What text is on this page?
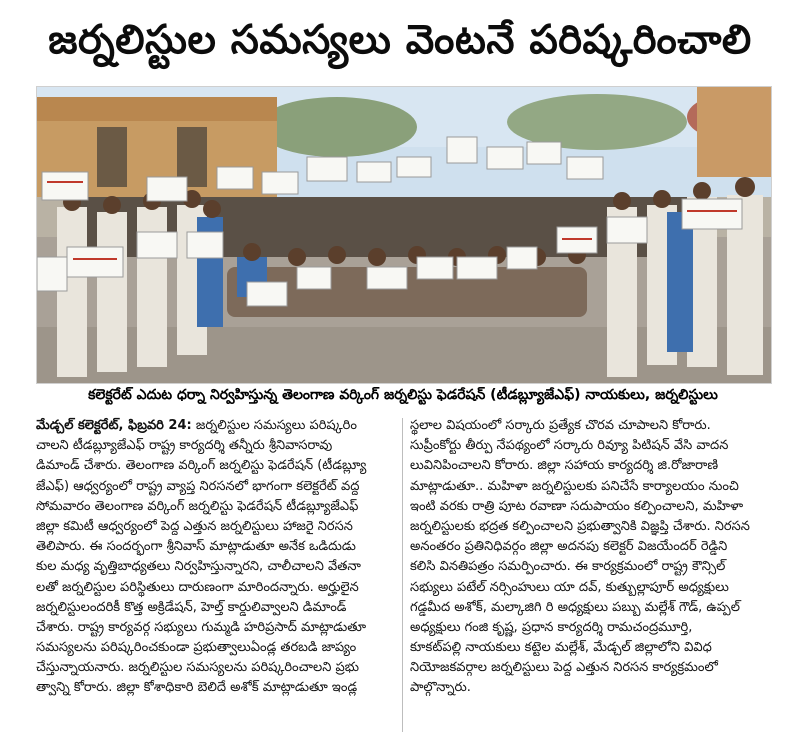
జర్నలిస్టుల సమస్యలు వెంటనే పరిష్కరించాలి
కలెక్టరేట్ ఎదుట ధర్నా నిర్వహిస్తున్న తెలంగాణ వర్కింగ్ జర్నలిస్టు ఫెడరేషన్ (టీడబ్ల్యూజేఎఫ్) నాయకులు, జర్నలిస్టులు
మేడ్చల్ కలెక్టరేట్, ఫిబ్రవరి 24: జర్నలిస్టుల సమస్యలు పరిష్కరిం
చాలని టీడబ్ల్యూజేఎఫ్ రాష్ట్ర కార్యదర్శి తన్నీరు శ్రీనివాసరావు
డిమాండ్ చేశారు. తెలంగాణ వర్కింగ్ జర్నలిస్టు ఫెడరేషన్ (టీడబ్ల్యూ
జేఎఫ్) ఆధ్వర్యంలో రాష్ట్ర వ్యాప్త నిరసనలో భాగంగా కలెక్టరేట్ వద్ద
సోమవారం తెలంగాణ వర్కింగ్ జర్నలిస్టు ఫెడరేషన్ టీడబ్ల్యూజేఎఫ్
జిల్లా కమిటీ ఆధ్వర్యంలో పెద్ద ఎత్తున జర్నలిస్టులు హాజరై నిరసన
తెలిపారు. ఈ సందర్భంగా శ్రీనివాస్ మాట్లాడుతూ అనేక ఒడిదుడు
కుల మధ్య వృత్తిబాధ్యతలు నిర్వహిస్తున్నారని, చాలీచాలని వేతనా
లతో జర్నలిస్టుల పరిస్థితులు దారుణంగా మారిందన్నారు. అర్హులైన
జర్నలిస్టులందరికీ కొత్త అక్రిడేషన్, హెల్త్ కార్డులివ్వాలని డిమాండ్
చేశారు. రాష్ట్ర కార్యవర్గ సభ్యులు గుమ్మడి హరిప్రసాద్ మాట్లాడుతూ
సమస్యలను పరిష్కరించకుండా ప్రభుత్వాలుఏండ్ల తరబడి జాప్యం
చేస్తున్నాయనారు. జర్నలిస్టుల సమస్యలను పరిష్కరించాలని ప్రభు
త్వాన్ని కోరారు. జిల్లా కోశాధికారి బెలిదే అశోక్ మాట్లాడుతూ ఇండ్ల
స్థలాల విషయంలో సర్కారు ప్రత్యేక చొరవ చూపాలని కోరారు.
సుప్రీంకోర్టు తీర్పు నేపథ్యంలో సర్కారు రివ్యూ పిటిషన్ వేసి వాదన
లువినిపించాలని కోరారు. జిల్లా సహాయ కార్యదర్శి జి.రోజారాణి
మాట్లాడుతూ.. మహిళా జర్నలిస్టులకు పనిచేసే కార్యాలయం నుంచి
ఇంటి వరకు రాత్రి పూట రవాణా సదుపాయం కల్పించాలని, మహిళా
జర్నలిస్టులకు భద్రత కల్పించాలని ప్రభుత్వానికి విజ్ఞప్తి చేశారు. నిరసన
అనంతరం ప్రతినిధివర్గం జిల్లా అదనపు కలెక్టర్ విజయేందర్ రెడ్డిని
కలిసి వినతిపత్రం సమర్పించారు. ఈ కార్యక్రమంలో రాష్ట్ర కౌన్సిల్
సభ్యులు పటేల్ నర్సింహులు యా దవ్, కుత్బుల్లాపూర్ అధ్యక్షులు
గడ్డమీద అశోక్, మల్కాజిగి రి అధ్యక్షులు పబ్బు మల్లేశ్ గౌడ్, ఉప్పల్
అధ్యక్షులు గంజి కృష్ణ, ప్రధాన కార్యదర్శి రామచంద్రమూర్తి,
కూకట్‌పల్లి నాయకులు కట్టెల మల్లేశ్, మేడ్చల్ జిల్లాలోని వివిధ
నియోజకవర్గాల జర్నలిస్టులు పెద్ద ఎత్తున నిరసన కార్యక్రమంలో
పాల్గొన్నారు.
